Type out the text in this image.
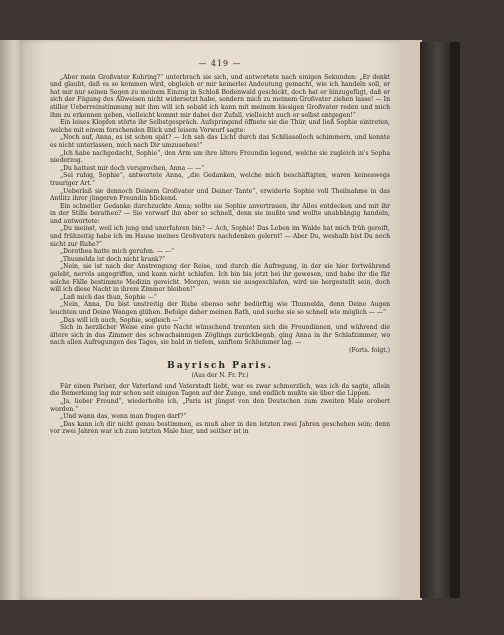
— 419 —

„Aber mein Großvater Kohring?“ unterbrach sie sich, und antwortete nach einigen Sekunden: „Er denkt und glaubt, daß es so kommen wird, obgleich er mir keinerlei Andeutung gemacht, wie ich handeln soll, er hat mir nur seinen Segen zu meinem Einzug in Schloß Bodenwald geschickt, doch hat er hinzugefügt, daß er sich der Fügung des Allweisen nicht widersetzt habe, sondern mich zu meinem Großvater ziehen lasse! — In stiller Ueberreinstimmung mit ihm will ich sobald ich kann mit meinem hiesigen Großvater reden und mich ihm zu erkennen geben, vielleicht kommt mir dabei der Zufall, vielleicht auch er selbst entgegen!“

Ein leises Klopfen störte ihr Selbstgespräch. Aufspringend öffnete sie die Thür, und ließ Sophie eintreten, welche mit einem forschenden Blick und leisem Vorwurf sagte:

„Noch auf, Anna, es ist schon spät? — Ich sah das Licht durch das Schlüsselloch schimmern, und konnte es nicht unterlassen, mich nach Dir umzusehen!“

„Ich habe nachgedacht, Sophie“, den Arm um ihre ältere Freundin legend, welche sie zugleich in's Sopha niederzog.

„Du hattest mir doch versprochen, Anna — —“

„Sei ruhig, Sophie“, antwortete Anna, „die Gedanken, welche mich beschäftigten, waren keineswegs trauriger Art.“

„Ueberlaß sie dennoch Deinem Großvater und Deiner Tante“, erwiderte Sophie voll Theilnahme in das Antlitz ihrer jüngeren Freundin blickend.

Ein schneller Gedanke durchzuckte Anna; sollte sie Sophie anvertrauen, ihr Alles entdecken und mit ihr in der Stille berathen? — Sie verwarf ihn aber so schnell, denn sie mußte und wollte unabhängig handeln, und antwortete:

„Du meinst, weil ich jung und unerfahren bin? — Ach, Sophie! Das Leben im Walde hat mich früh gereift, und frühzeitig habe ich im Hause meines Großvaters nachdenken gelernt! — Aber Du, weshalb bist Du noch nicht zur Ruhe?“

„Dorothea hatte mich gerufen. — —“

„Thusnelda ist doch nicht krank?“

„Nein, sie ist nach der Anstrengung der Reise, und durch die Aufregung, in der sie hier fortwährend gelebt, nervös angegriffen, und kann nicht schlafen. Ich bin bis jetzt bei ihr gewesen, und habe ihr die für solche Fälle bestimmte Medizin gereicht. Morgen, wenn sie ausgeschlafen, wird sie hergestellt sein, doch will ich diese Nacht in ihrem Zimmer bleiben!“

„Laß mich das thun, Sophie —“

„Nein, Anna, Du bist unstreitig der Ruhe ebenso sehr bedürftig wie Thusnelda, denn Deine Augen leuchten und Deine Wangen glühen. Befolge daher meinen Rath, und suche sie so schnell wie möglich — —“

„Das will ich auch, Sophie, sogleich —“

Sich in herzlicher Weise eine gute Nacht wünschend trennten sich die Freundinnen, und während die ältere sich in das Zimmer des schwachsinnigen Zöglings zurückbegab, ging Anna in ihr Schlafzimmer, wo nach allen Aufregungen des Tages, sie bald in tiefem, sanftem Schlummer lag. —

(Forts. folgt.)

Bayrisch Paris.
(Aus der N. Fr. Pr.)

Für einen Pariser, der Vaterland und Vaterstadt liebt, war es zwar schmerzlich, was ich da sagte, allein die Bemerkung lag mir schon seit einigen Tagen auf der Zunge, und endlich mußte sie über die Lippen.

„Ja, lieber Freund“, wiederholte ich, „Paris ist jüngst von den Deutschen zum zweiten Male erobert worden.“

„Und wann das, wenn man fragen darf?“

„Das kann ich dir nicht genau bestimmen, es muß aber in den letzten zwei Jahren geschehen sein; denn vor zwei Jahren war ich zum letzten Male hier, und seither ist in
